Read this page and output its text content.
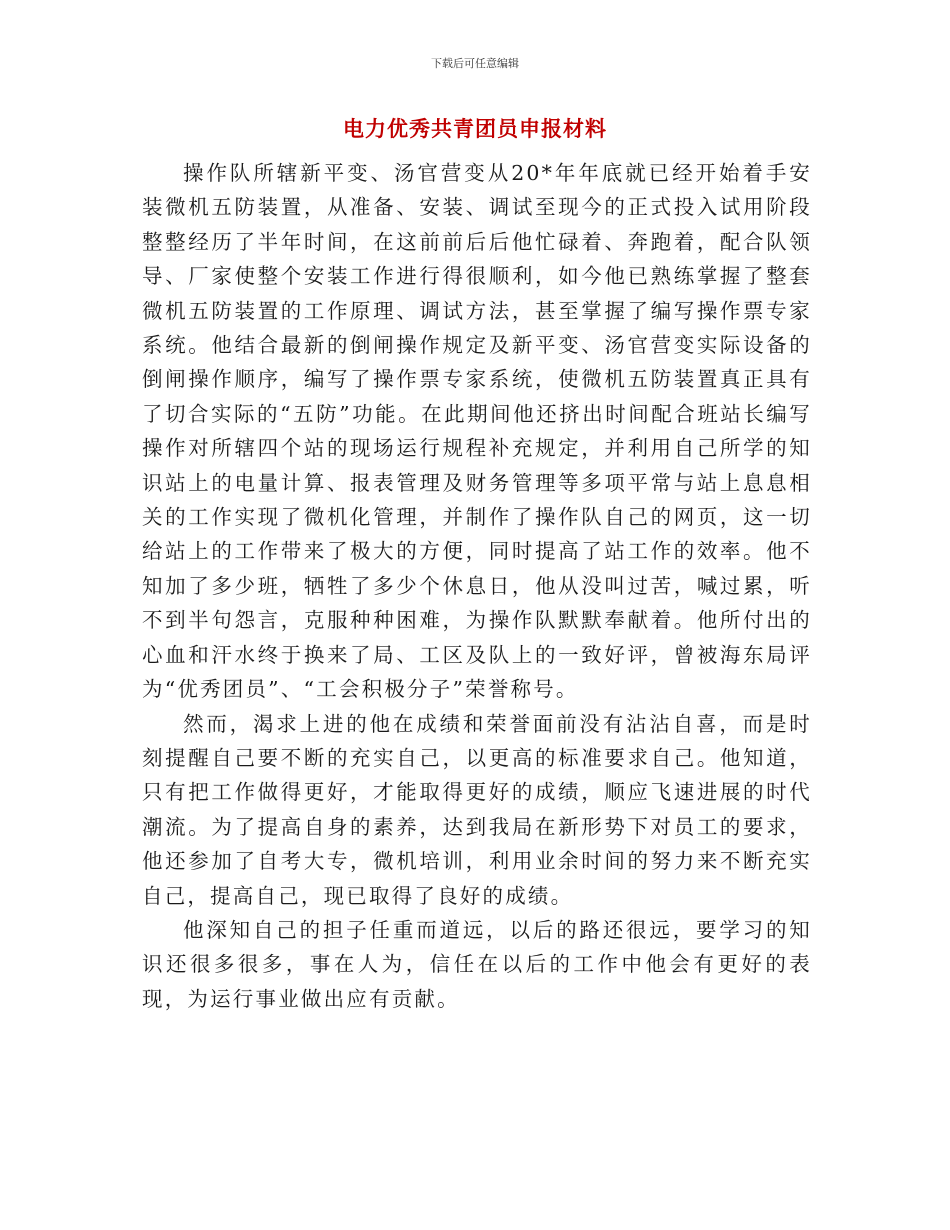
下载后可任意编辑
电力优秀共青团员申报材料

操作队所辖新平变、汤官营变从20*年年底就已经开始着手安装微机五防装置，从准备、安装、调试至现今的正式投入试用阶段整整经历了半年时间，在这前前后后他忙碌着、奔跑着，配合队领导、厂家使整个安装工作进行得很顺利，如今他已熟练掌握了整套微机五防装置的工作原理、调试方法，甚至掌握了编写操作票专家系统。他结合最新的倒闸操作规定及新平变、汤官营变实际设备的倒闸操作顺序，编写了操作票专家系统，使微机五防装置真正具有了切合实际的“五防”功能。在此期间他还挤出时间配合班站长编写操作对所辖四个站的现场运行规程补充规定，并利用自己所学的知识站上的电量计算、报表管理及财务管理等多项平常与站上息息相关的工作实现了微机化管理，并制作了操作队自己的网页，这一切给站上的工作带来了极大的方便，同时提高了站工作的效率。他不知加了多少班，牺牲了多少个休息日，他从没叫过苦，喊过累，听不到半句怨言，克服种种困难，为操作队默默奉献着。他所付出的心血和汗水终于换来了局、工区及队上的一致好评，曾被海东局评为“优秀团员”、“工会积极分子”荣誉称号。

然而，渴求上进的他在成绩和荣誉面前没有沾沾自喜，而是时刻提醒自己要不断的充实自己，以更高的标准要求自己。他知道，只有把工作做得更好，才能取得更好的成绩，顺应飞速进展的时代潮流。为了提高自身的素养，达到我局在新形势下对员工的要求，他还参加了自考大专，微机培训，利用业余时间的努力来不断充实自己，提高自己，现已取得了良好的成绩。

他深知自己的担子任重而道远，以后的路还很远，要学习的知识还很多很多，事在人为，信任在以后的工作中他会有更好的表现，为运行事业做出应有贡献。
